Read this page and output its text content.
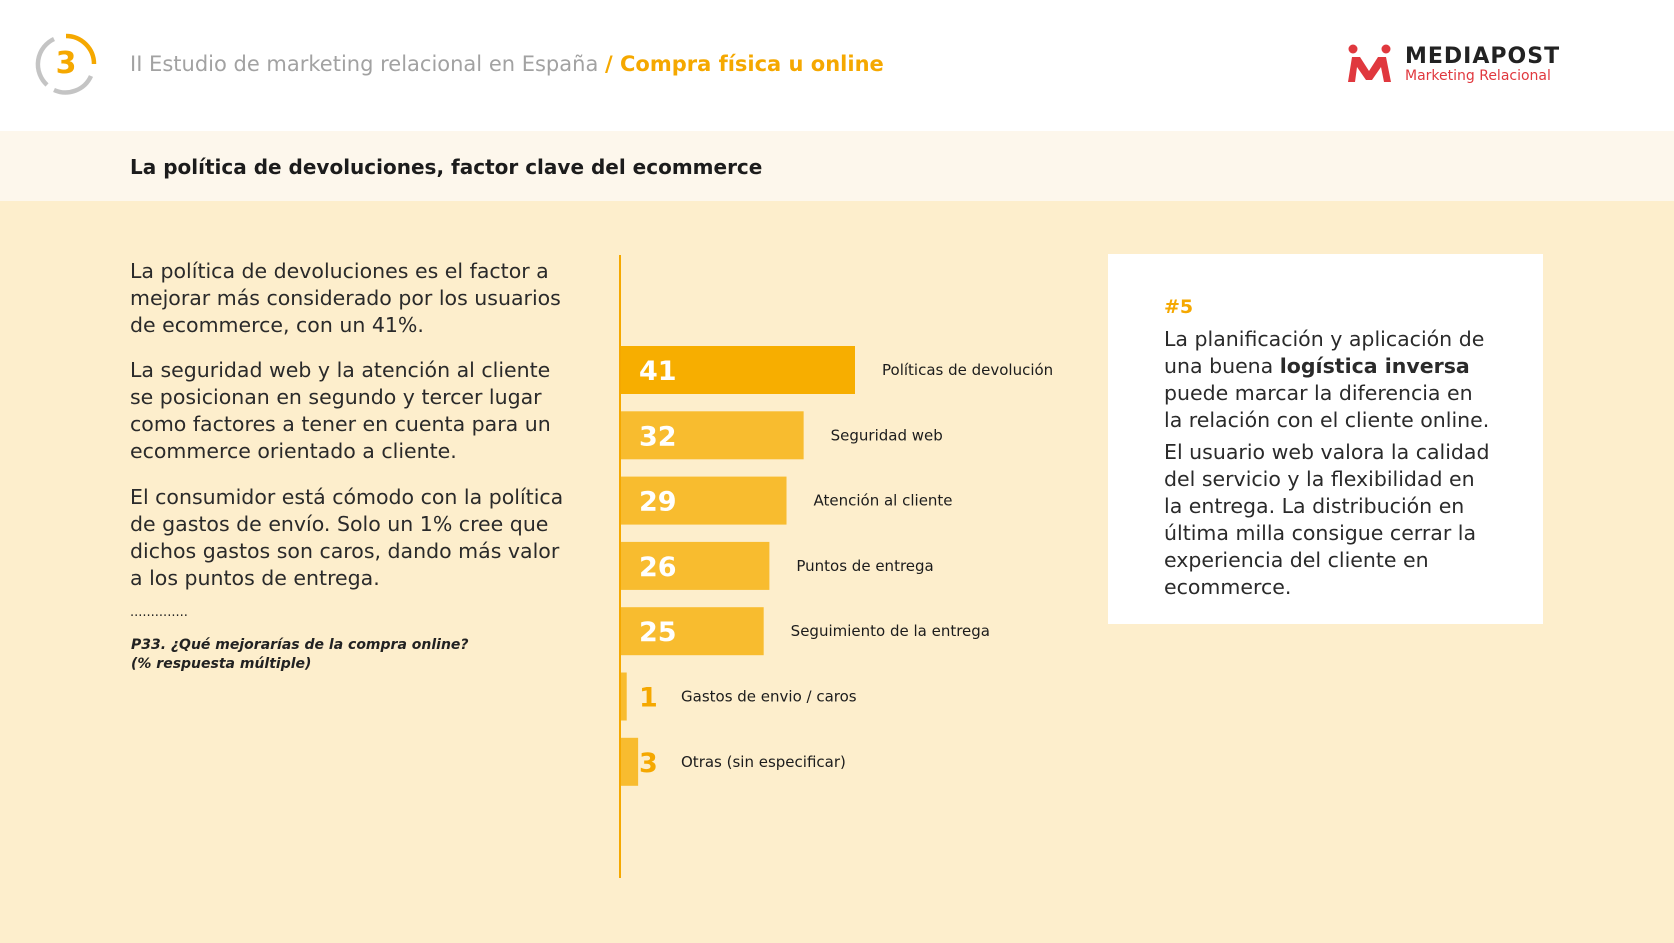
3	II Estudio de marketing relacional en España / Compra física u online	MEDIAPOST
Marketing Relacional
La política de devoluciones, factor clave del ecommerce

La política de devoluciones es el factor a mejorar más considerado por los usuarios de ecommerce, con un 41%.

La seguridad web y la atención al cliente se posicionan en segundo y tercer lugar como factores a tener en cuenta para un ecommerce orientado a cliente.

El consumidor está cómodo con la política de gastos de envío. Solo un 1% cree que dichos gastos son caros, dando más valor a los puntos de entrega.

..............
P33. ¿Qué mejorarías de la compra online?
(% respuesta múltiple)
41	Políticas de devolución
32	Seguridad web
29	Atención al cliente
26	Puntos de entrega
25	Seguimiento de la entrega
1 Gastos de envio / caros
3 Otras (sin especificar)
#5

La planificación y aplicación de una buena logística inversa puede marcar la diferencia en la relación con el cliente online.

El usuario web valora la calidad del servicio y la flexibilidad en la entrega. La distribución en última milla consigue cerrar la experiencia del cliente en ecommerce.
